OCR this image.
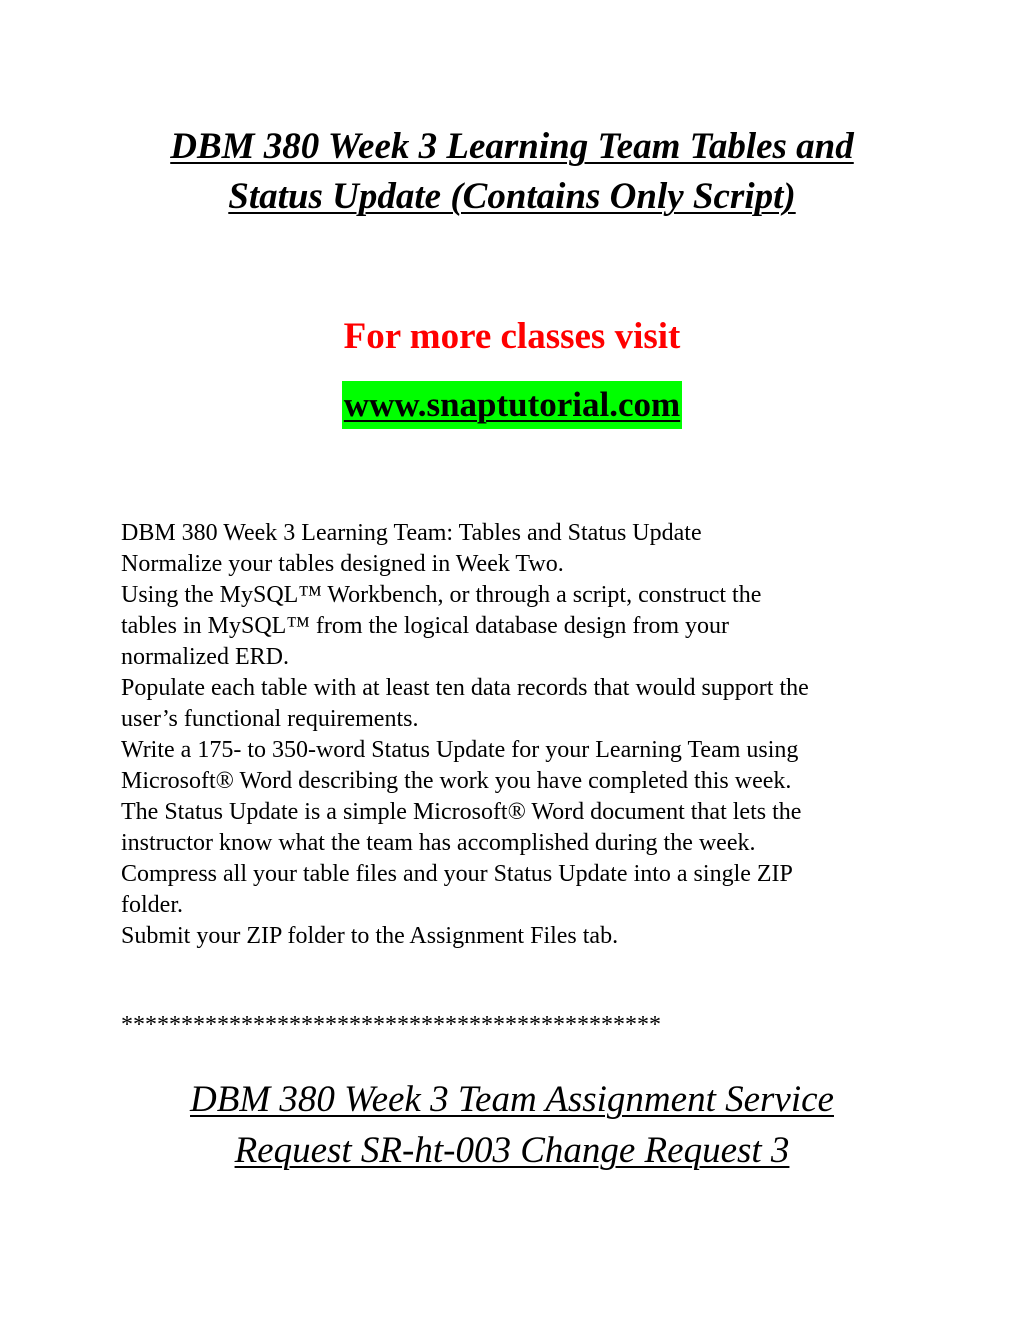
DBM 380 Week 3 Learning Team Tables and
Status Update (Contains Only Script)
For more classes visit
www.snaptutorial.com
DBM 380 Week 3 Learning Team: Tables and Status Update
Normalize your tables designed in Week Two.
Using the MySQL™ Workbench, or through a script, construct the
tables in MySQL™ from the logical database design from your
normalized ERD.
Populate each table with at least ten data records that would support the
user’s functional requirements.
Write a 175- to 350-word Status Update for your Learning Team using
Microsoft® Word describing the work you have completed this week.
The Status Update is a simple Microsoft® Word document that lets the
instructor know what the team has accomplished during the week.
Compress all your table files and your Status Update into a single ZIP
folder.
Submit your ZIP folder to the Assignment Files tab.
*********************************************
DBM 380 Week 3 Team Assignment Service
Request SR-ht-003 Change Request 3
